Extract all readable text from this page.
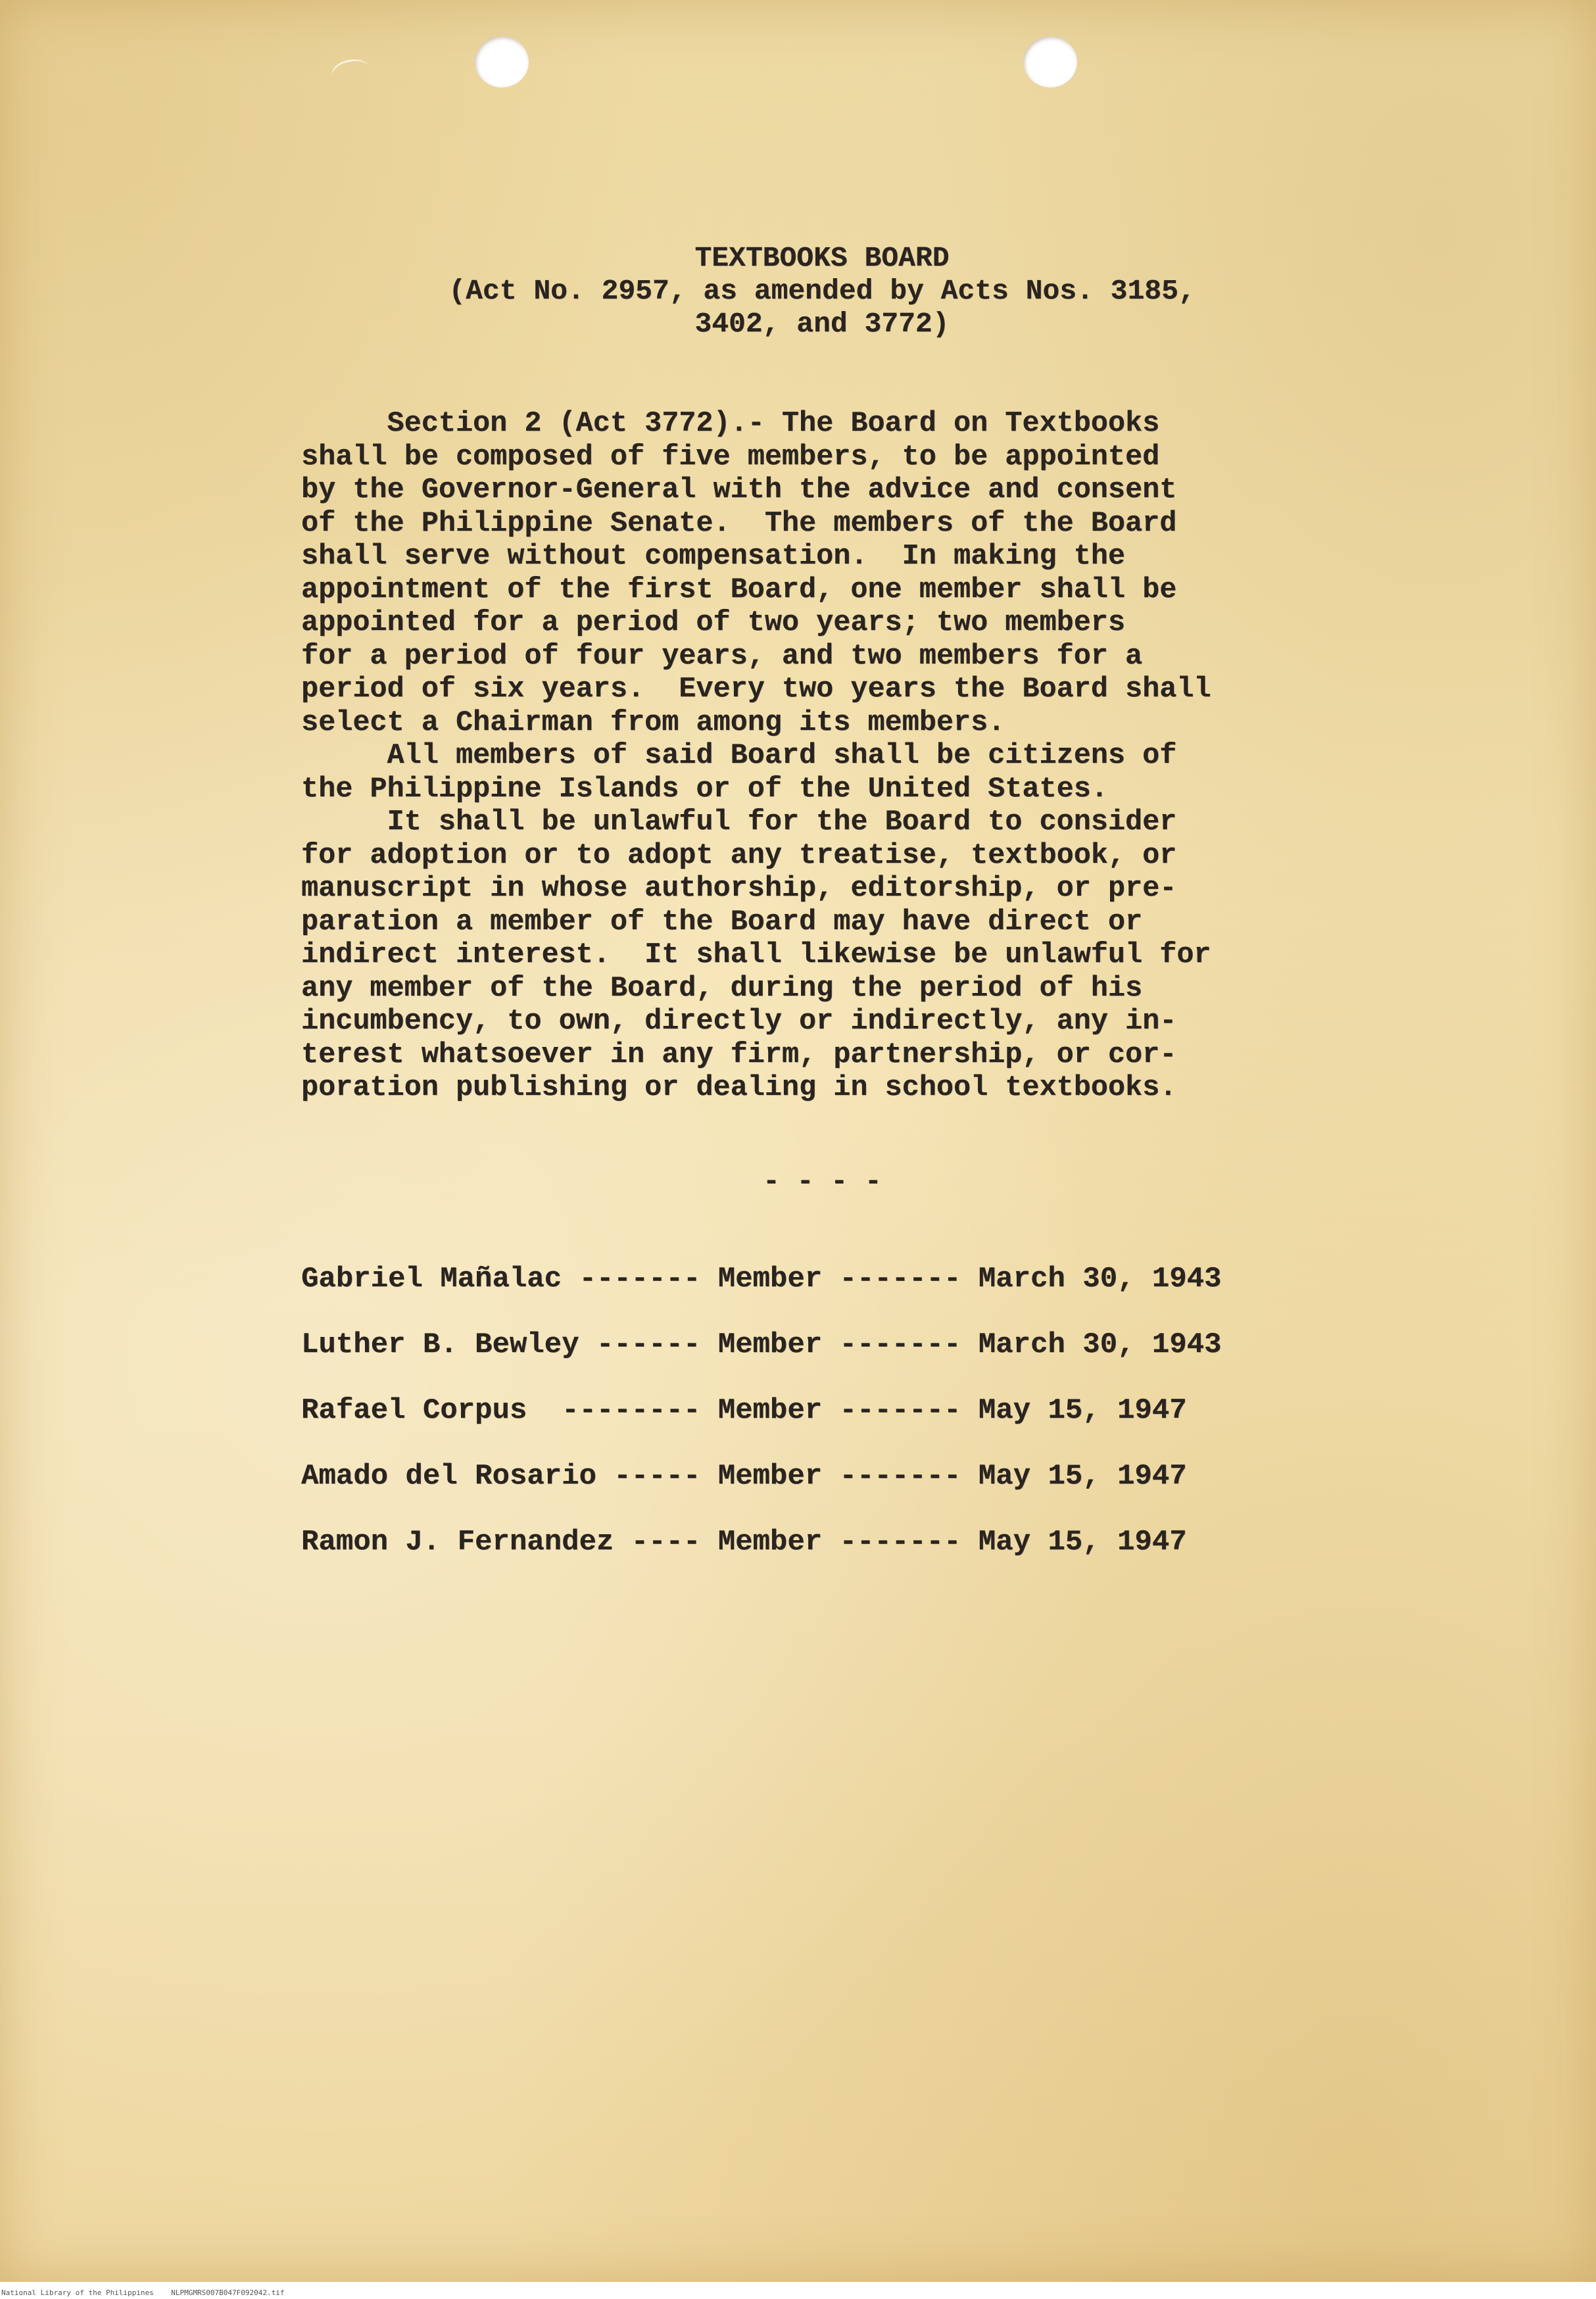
TEXTBOOKS BOARD
(Act No. 2957, as amended by Acts Nos. 3185,
3402, and 3772)
Section 2 (Act 3772).- The Board on Textbooks
shall be composed of five members, to be appointed
by the Governor-General with the advice and consent
of the Philippine Senate.  The members of the Board
shall serve without compensation.  In making the
appointment of the first Board, one member shall be
appointed for a period of two years; two members
for a period of four years, and two members for a
period of six years.  Every two years the Board shall
select a Chairman from among its members.
All members of said Board shall be citizens of
the Philippine Islands or of the United States.
It shall be unlawful for the Board to consider
for adoption or to adopt any treatise, textbook, or
manuscript in whose authorship, editorship, or pre-
paration a member of the Board may have direct or
indirect interest.  It shall likewise be unlawful for
any member of the Board, during the period of his
incumbency, to own, directly or indirectly, any in-
terest whatsoever in any firm, partnership, or cor-
poration publishing or dealing in school textbooks.
- - - -
Gabriel Mañalac ------- Member ------- March 30, 1943
Luther B. Bewley ------ Member ------- March 30, 1943
Rafael Corpus  -------- Member ------- May 15, 1947
Amado del Rosario ----- Member ------- May 15, 1947
Ramon J. Fernandez ---- Member ------- May 15, 1947
National Library of the Philippines    NLPMGMRS007B047F092042.tif
